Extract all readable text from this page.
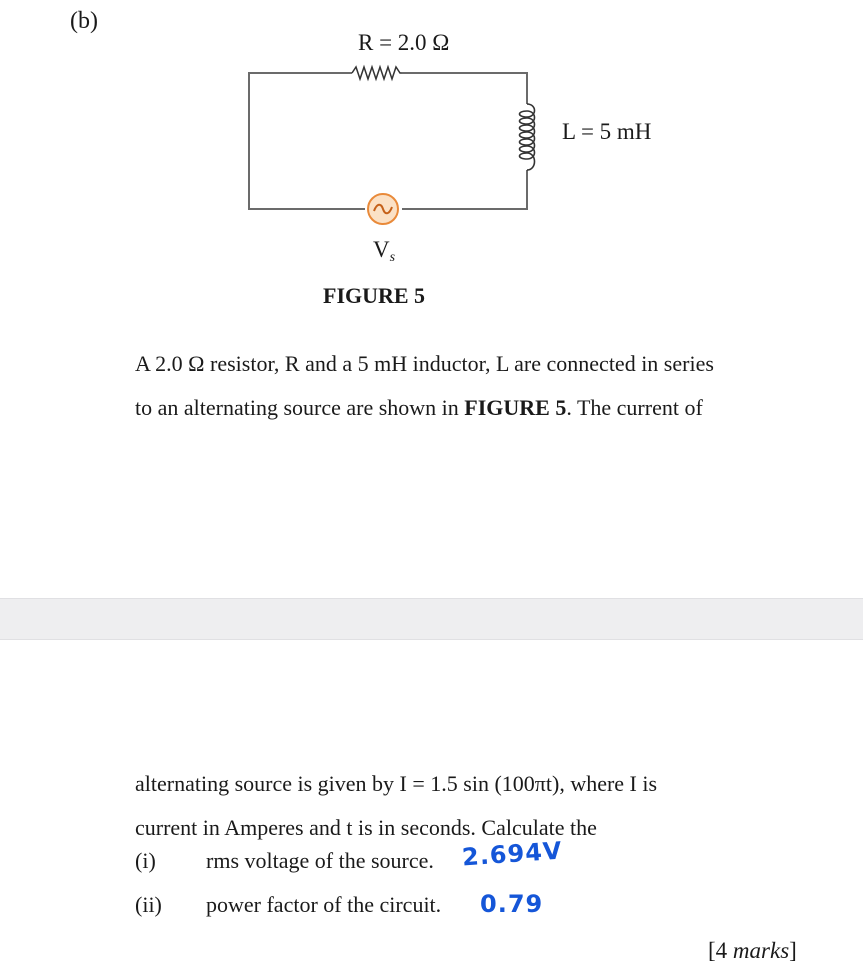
(b)
R = 2.0 Ω
L = 5 mH
$V_s$
FIGURE 5
A 2.0 Ω resistor, R and a 5 mH inductor, L are connected in series
to an alternating source are shown in FIGURE 5. The current of
alternating source is given by I = 1.5 sin (100πt), where I is
current in Amperes and t is in seconds. Calculate the
(i) rms voltage of the source. 2.694V
(ii) power factor of the circuit. 0.79
[4 marks]
